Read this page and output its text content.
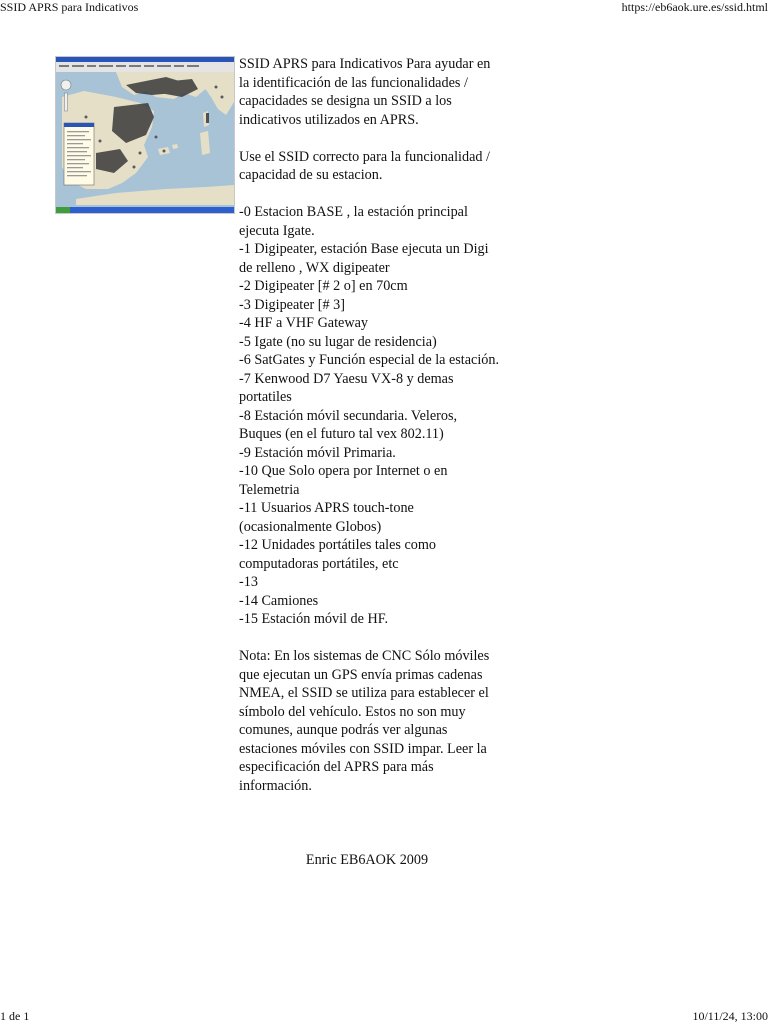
SSID APRS para Indicativos	https://eb6aok.ure.es/ssid.html

SSID APRS para Indicativos Para ayudar en la identificación de las funcionalidades / capacidades se designa un SSID a los indicativos utilizados en APRS.

Use el SSID correcto para la funcionalidad / capacidad de su estacion.

-0 Estacion BASE , la estación principal ejecuta Igate.

-1 Digipeater, estación Base ejecuta un Digi de relleno , WX digipeater

-2 Digipeater [# 2 o] en 70cm

-3 Digipeater [# 3]

-4 HF a VHF Gateway

-5 Igate (no su lugar de residencia)

-6 SatGates y Función especial de la estación.

-7 Kenwood D7 Yaesu VX-8 y demas portatiles

-8 Estación móvil secundaria. Veleros, Buques (en el futuro tal vex 802.11)

-9 Estación móvil Primaria.

-10 Que Solo opera por Internet o en Telemetria

-11 Usuarios APRS touch-tone (ocasionalmente Globos)

-12 Unidades portátiles tales como computadoras portátiles, etc

-13

-14 Camiones

-15 Estación móvil de HF.

Nota: En los sistemas de CNC Sólo móviles que ejecutan un GPS envía primas cadenas NMEA, el SSID se utiliza para establecer el símbolo del vehículo. Estos no son muy comunes, aunque podrás ver algunas estaciones móviles con SSID impar. Leer la especificación del APRS para más información.

Enric EB6AOK 2009
1 de 1	10/11/24, 13:00
